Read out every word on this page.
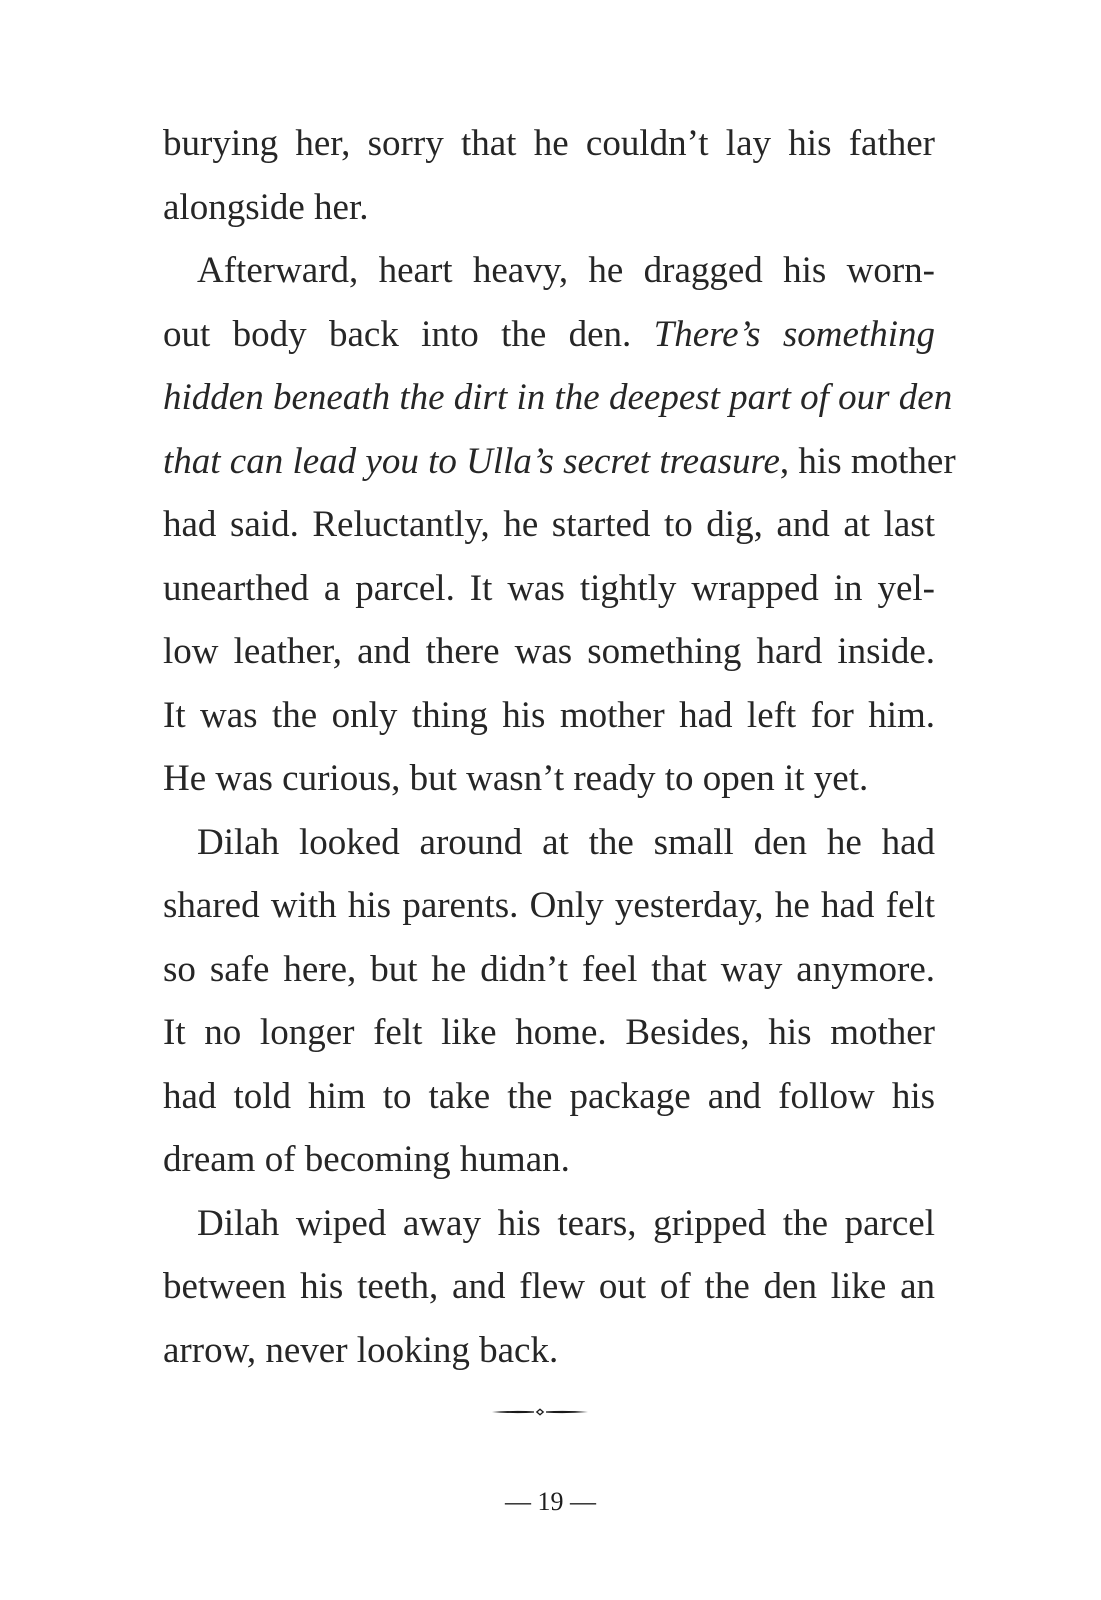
burying her, sorry that he couldn’t lay his father
alongside her.
Afterward, heart heavy, he dragged his worn-
out body back into the den. There’s something
hidden beneath the dirt in the deepest part of our den
that can lead you to Ulla’s secret treasure, his mother
had said. Reluctantly, he started to dig, and at last
unearthed a parcel. It was tightly wrapped in yel-
low leather, and there was something hard inside.
It was the only thing his mother had left for him.
He was curious, but wasn’t ready to open it yet.
Dilah looked around at the small den he had
shared with his parents. Only yesterday, he had felt
so safe here, but he didn’t feel that way anymore.
It no longer felt like home. Besides, his mother
had told him to take the package and follow his
dream of becoming human.
Dilah wiped away his tears, gripped the parcel
between his teeth, and flew out of the den like an
arrow, never looking back.
— 19 —
